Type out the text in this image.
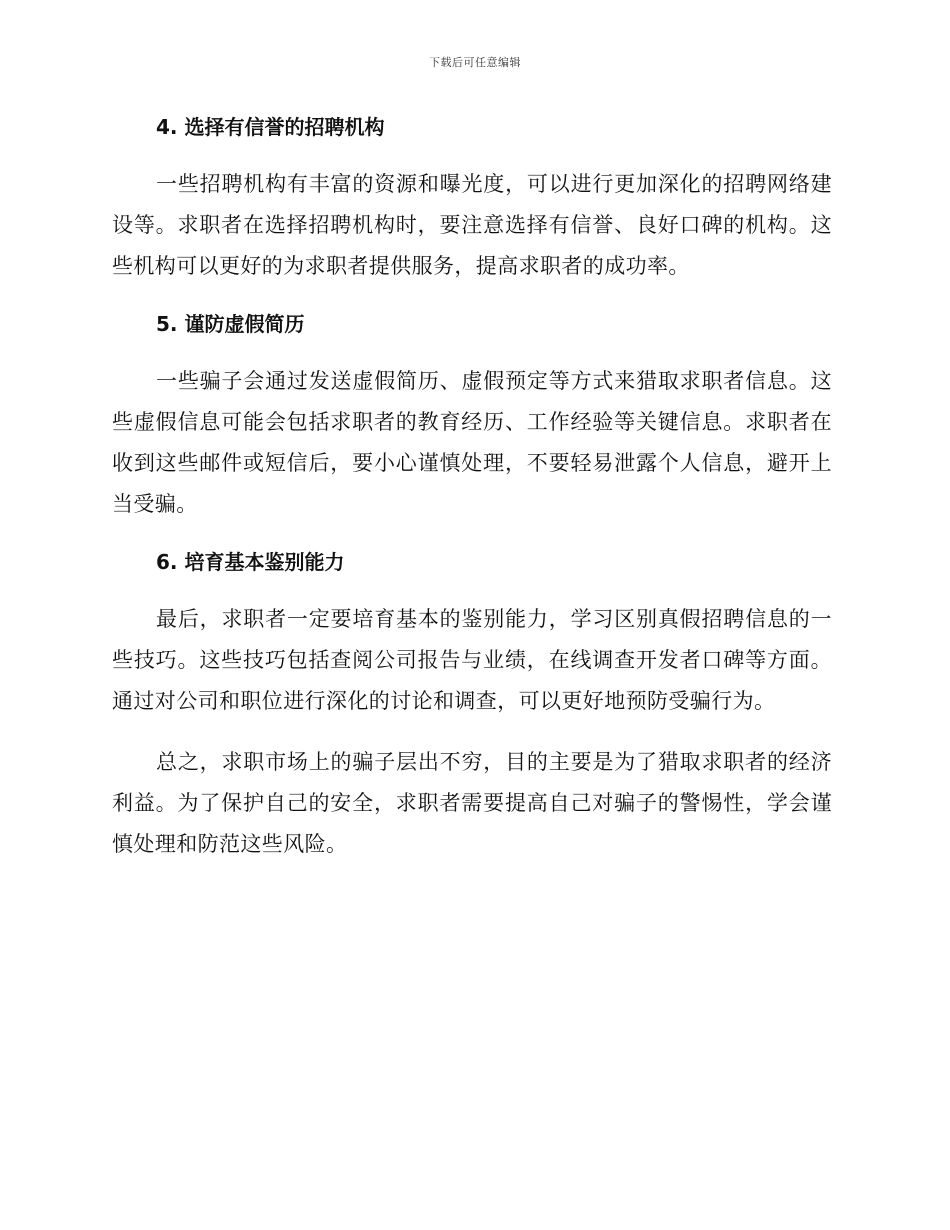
下载后可任意编辑
4. 选择有信誉的招聘机构

一些招聘机构有丰富的资源和曝光度，可以进行更加深化的招聘网络建设等。求职者在选择招聘机构时，要注意选择有信誉、良好口碑的机构。这些机构可以更好的为求职者提供服务，提高求职者的成功率。

5. 谨防虚假简历

一些骗子会通过发送虚假简历、虚假预定等方式来猎取求职者信息。这些虚假信息可能会包括求职者的教育经历、工作经验等关键信息。求职者在收到这些邮件或短信后，要小心谨慎处理，不要轻易泄露个人信息，避开上当受骗。

6. 培育基本鉴别能力

最后，求职者一定要培育基本的鉴别能力，学习区别真假招聘信息的一些技巧。这些技巧包括查阅公司报告与业绩，在线调查开发者口碑等方面。通过对公司和职位进行深化的讨论和调查，可以更好地预防受骗行为。

总之，求职市场上的骗子层出不穷，目的主要是为了猎取求职者的经济利益。为了保护自己的安全，求职者需要提高自己对骗子的警惕性，学会谨慎处理和防范这些风险。
